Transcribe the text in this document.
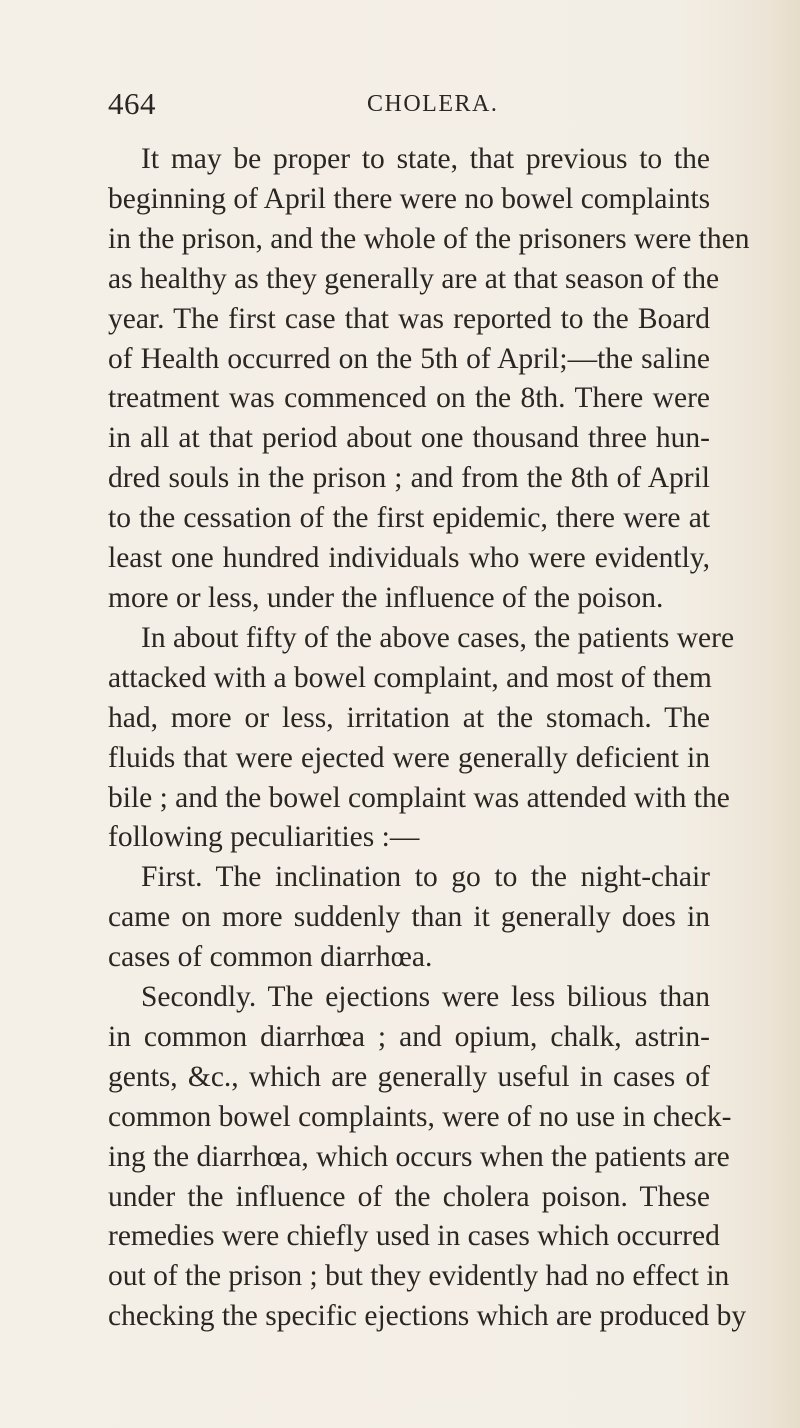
464	CHOLERA.

It may be proper to state, that previous to the
beginning of April there were no bowel complaints
in the prison, and the whole of the prisoners were then
as healthy as they generally are at that season of the
year. The first case that was reported to the Board
of Health occurred on the 5th of April;—the saline
treatment was commenced on the 8th. There were
in all at that period about one thousand three hun-
dred souls in the prison ; and from the 8th of April
to the cessation of the first epidemic, there were at
least one hundred individuals who were evidently,
more or less, under the influence of the poison.

In about fifty of the above cases, the patients were
attacked with a bowel complaint, and most of them
had, more or less, irritation at the stomach. The
fluids that were ejected were generally deficient in
bile ; and the bowel complaint was attended with the
following peculiarities :—

First. The inclination to go to the night-chair
came on more suddenly than it generally does in
cases of common diarrhœa.

Secondly. The ejections were less bilious than
in common diarrhœa ; and opium, chalk, astrin-
gents, &c., which are generally useful in cases of
common bowel complaints, were of no use in check-
ing the diarrhœa, which occurs when the patients are
under the influence of the cholera poison. These
remedies were chiefly used in cases which occurred
out of the prison ; but they evidently had no effect in
checking the specific ejections which are produced by
